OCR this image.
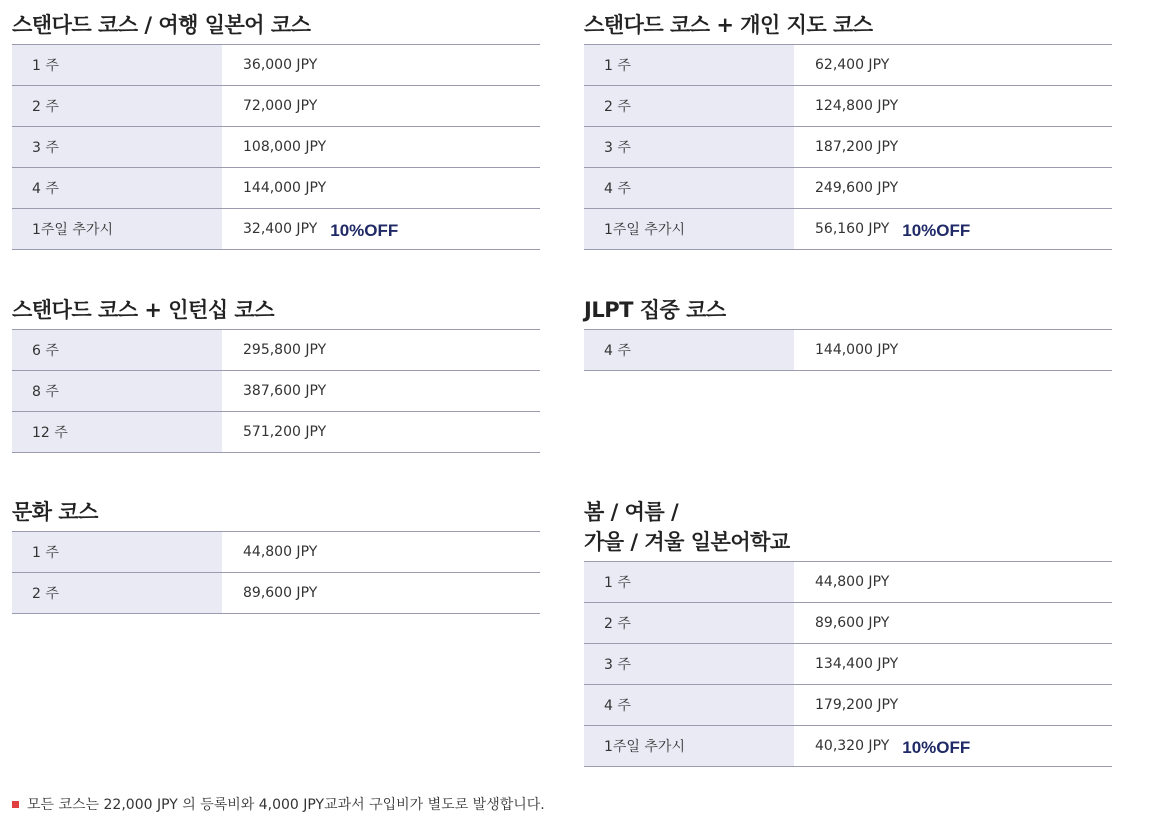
스탠다드 코스 / 여행 일본어 코스
1 주	36,000 JPY
2 주	72,000 JPY
3 주	108,000 JPY
4 주	144,000 JPY
1주일 추가시	32,400 JPY 10%OFF
스탠다드 코스 + 개인 지도 코스
1 주	62,400 JPY
2 주	124,800 JPY
3 주	187,200 JPY
4 주	249,600 JPY
1주일 추가시	56,160 JPY 10%OFF
스탠다드 코스 + 인턴십 코스
6 주	295,800 JPY
8 주	387,600 JPY
12 주	571,200 JPY
JLPT 집중 코스
4 주	144,000 JPY
문화 코스
1 주	44,800 JPY
2 주	89,600 JPY
봄 / 여름 /
가을 / 겨울 일본어학교
1 주	44,800 JPY
2 주	89,600 JPY
3 주	134,400 JPY
4 주	179,200 JPY
1주일 추가시	40,320 JPY 10%OFF
모든 코스는 22,000 JPY 의 등록비와 4,000 JPY교과서 구입비가 별도로 발생합니다.
